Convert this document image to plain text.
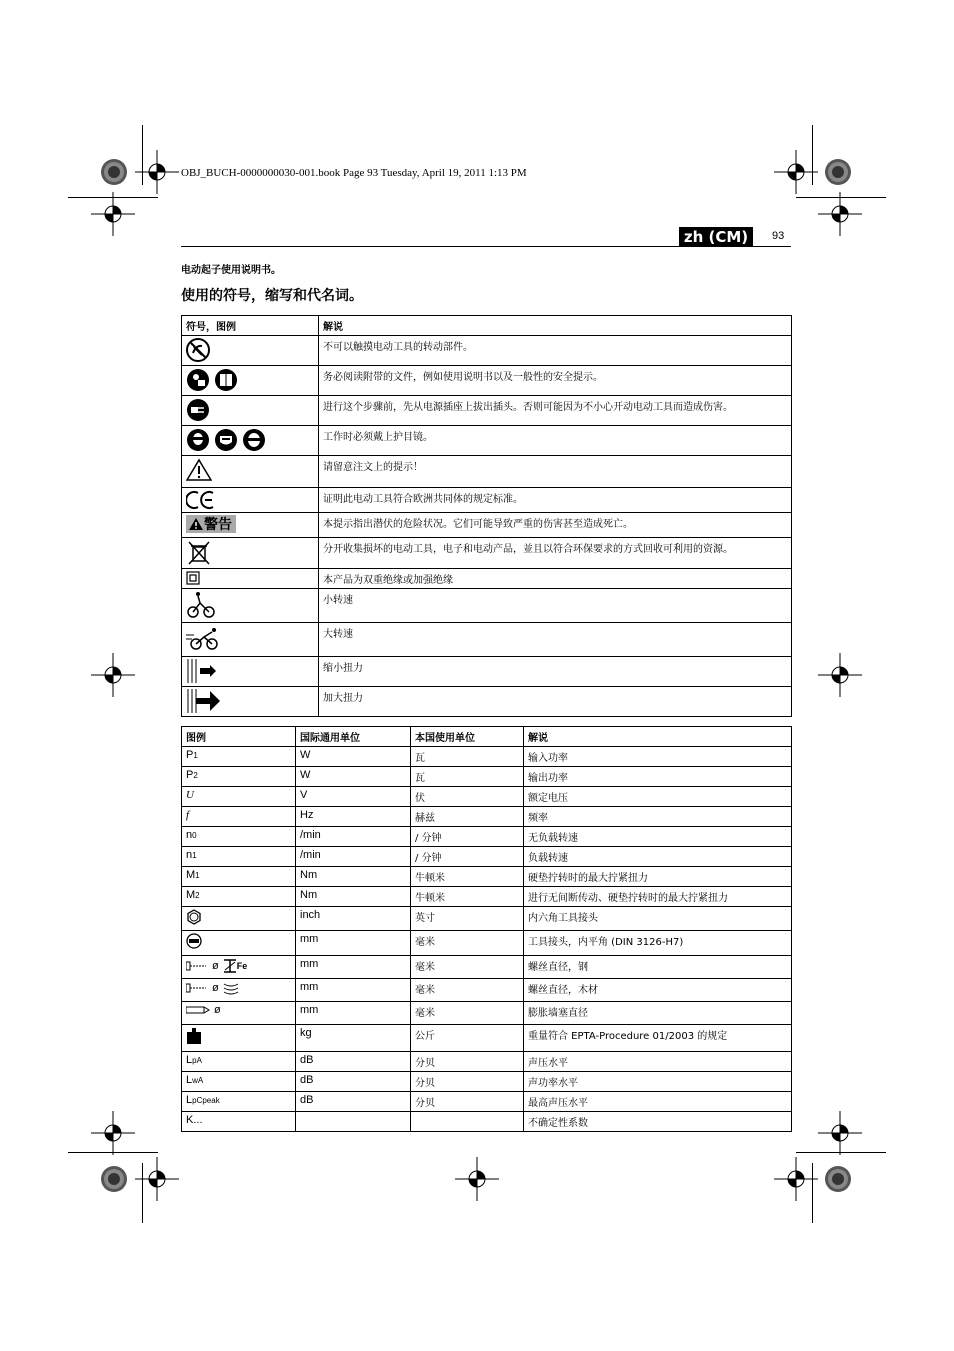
OBJ_BUCH-0000000030-001.book Page 93 Tuesday, April 19, 2011 1:13 PM
zh (CM)	93
电动起子使用说明书。
使用的符号，缩写和代名词。
符号，图例	解说

	不可以触摸电动工具的转动部件。

	务必阅读附带的文件，例如使用说明书以及一般性的安全提示。

	进行这个步骤前，先从电源插座上拔出插头。否则可能因为不小心开动电动工具而造成伤害。

	工作时必须戴上护目镜。

	请留意注文上的提示！

	证明此电动工具符合欧洲共同体的规定标准。

警告	本提示指出潜伏的危险状况。它们可能导致严重的伤害甚至造成死亡。

	分开收集损坏的电动工具，电子和电动产品，並且以符合环保要求的方式回收可利用的资源。

	本产品为双重绝缘或加强绝缘

	小转速

	大转速

	缩小扭力

	加大扭力
图例	国际通用单位	本国使用单位	解说

P 1	W	瓦	输入功率

P 2	W	瓦	输出功率

U	V	伏	额定电压

f	Hz	赫兹	频率

n 0	/min	/ 分钟	无负载转速

n 1	/min	/ 分钟	负载转速

M 1	Nm	牛顿米	硬垫拧转时的最大拧紧扭力

M 2	Nm	牛顿米	进行无间断传动、硬垫拧转时的最大拧紧扭力

	inch	英寸	内六角工具接头

	mm	毫米	工具接头，内平角 (DIN 3126-H7)

ø Fe	mm	毫米	螺丝直径，钢

ø	mm	毫米	螺丝直径，木材

ø	mm	毫米	膨胀墙塞直径

	kg	公斤	重量符合 EPTA-Procedure 01/2003 的规定

L pA	dB	分贝	声压水平

L wA	dB	分贝	声功率水平

L pCpeak	dB	分贝	最高声压水平

K...			不确定性系数
